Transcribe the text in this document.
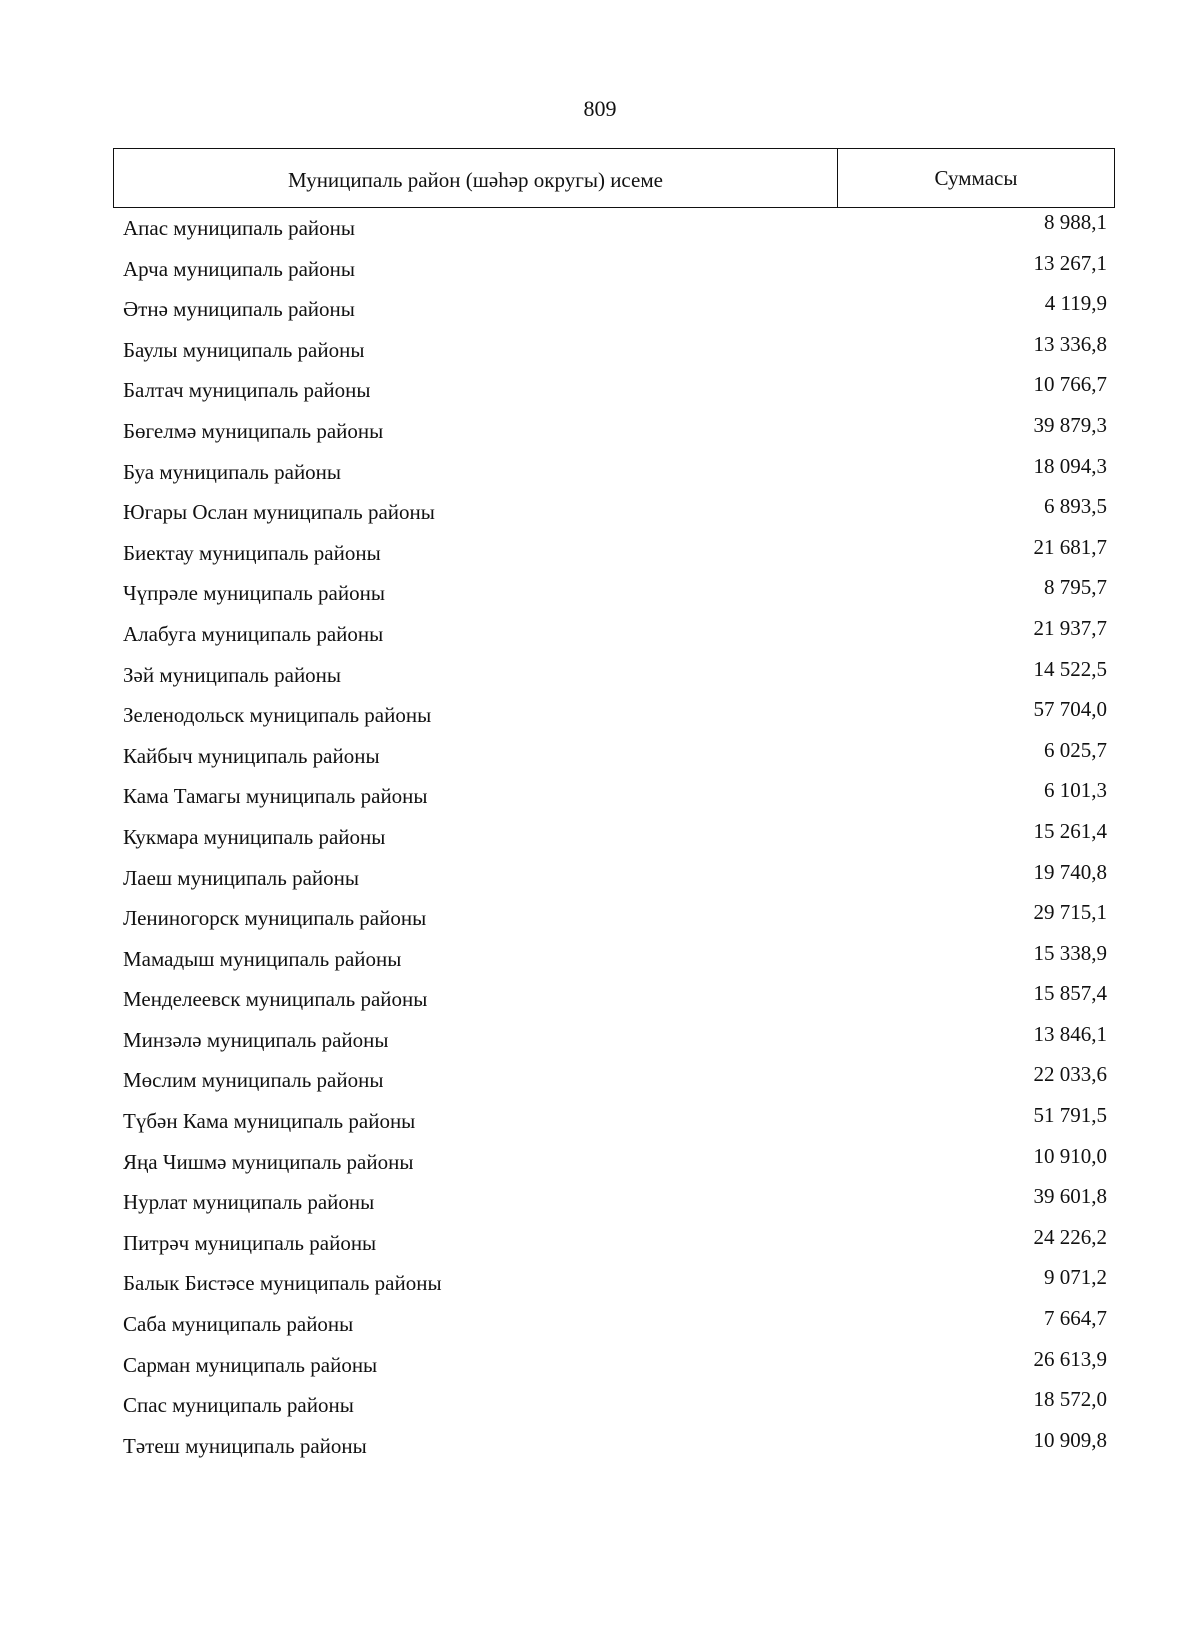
809
Муниципаль район (шәһәр округы) исеме	Суммасы
Апас муниципаль районы	8 988,1
Арча муниципаль районы	13 267,1
Әтнә муниципаль районы	4 119,9
Баулы муниципаль районы	13 336,8
Балтач муниципаль районы	10 766,7
Бөгелмә муниципаль районы	39 879,3
Буа муниципаль районы	18 094,3
Югары Ослан муниципаль районы	6 893,5
Биектау муниципаль районы	21 681,7
Чүпрәле муниципаль районы	8 795,7
Алабуга муниципаль районы	21 937,7
Зәй муниципаль районы	14 522,5
Зеленодольск муниципаль районы	57 704,0
Кайбыч муниципаль районы	6 025,7
Кама Тамагы муниципаль районы	6 101,3
Кукмара муниципаль районы	15 261,4
Лаеш муниципаль районы	19 740,8
Лениногорск муниципаль районы	29 715,1
Мамадыш муниципаль районы	15 338,9
Менделеевск муниципаль районы	15 857,4
Минзәлә муниципаль районы	13 846,1
Мөслим муниципаль районы	22 033,6
Түбән Кама муниципаль районы	51 791,5
Яңа Чишмә муниципаль районы	10 910,0
Нурлат муниципаль районы	39 601,8
Питрәч муниципаль районы	24 226,2
Балык Бистәсе муниципаль районы	9 071,2
Саба муниципаль районы	7 664,7
Сарман муниципаль районы	26 613,9
Спас муниципаль районы	18 572,0
Тәтеш муниципаль районы	10 909,8
